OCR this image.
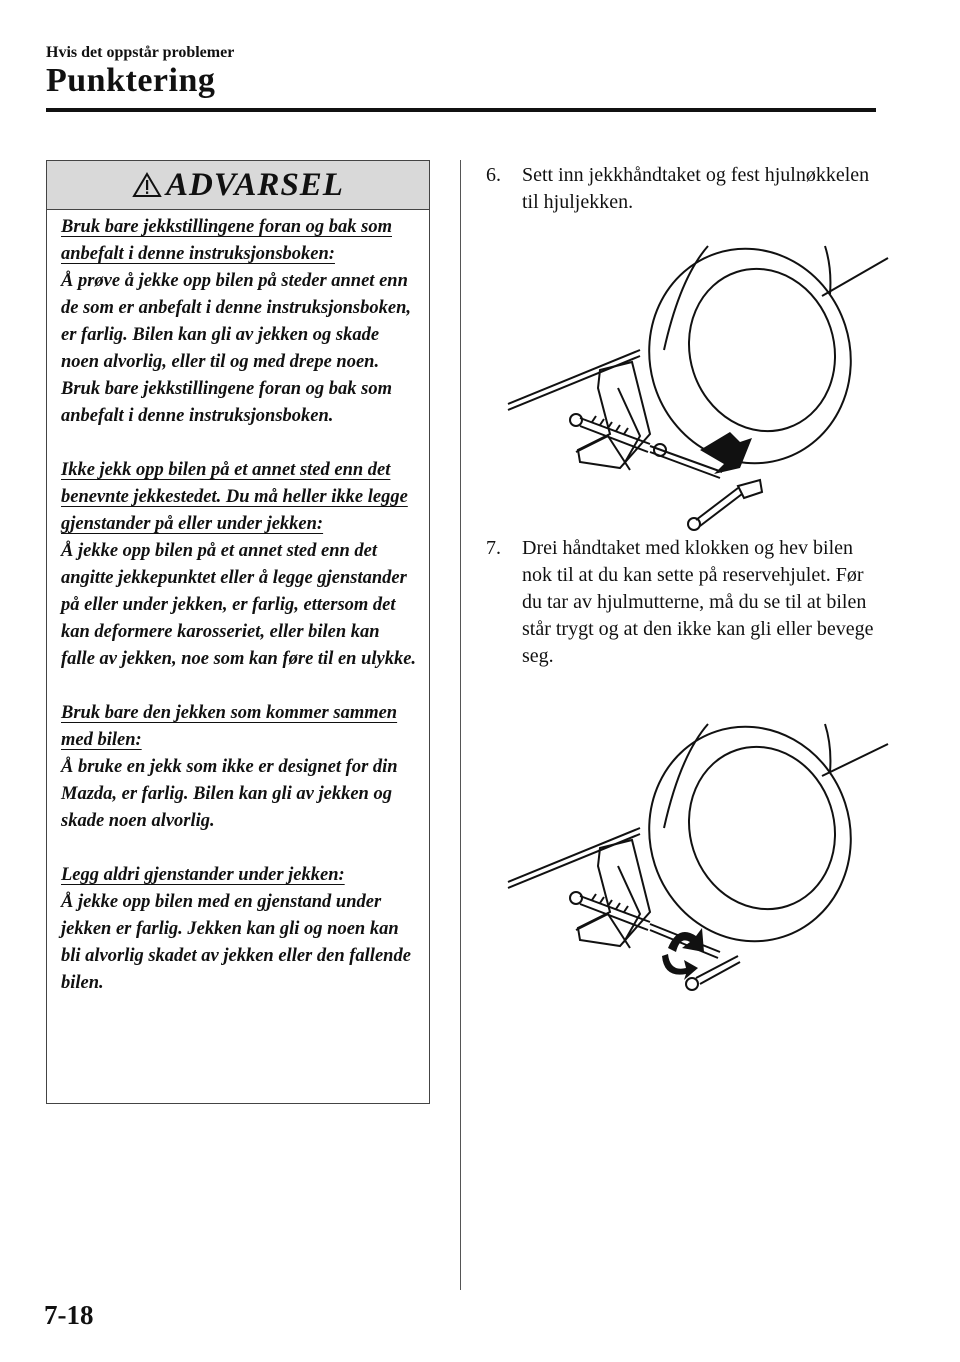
Hvis det oppstår problemer
Punktering
ADVARSEL

Bruk bare jekkstillingene foran og bak som anbefalt i denne instruksjonsboken:

Å prøve å jekke opp bilen på steder annet enn de som er anbefalt i denne instruksjonsboken, er farlig. Bilen kan gli av jekken og skade noen alvorlig, eller til og med drepe noen. Bruk bare jekkstillingene foran og bak som anbefalt i denne instruksjonsboken.

Ikke jekk opp bilen på et annet sted enn det benevnte jekkestedet. Du må heller ikke legge gjenstander på eller under jekken:

Å jekke opp bilen på et annet sted enn det angitte jekkepunktet eller å legge gjenstander på eller under jekken, er farlig, ettersom det kan deformere karosseriet, eller bilen kan falle av jekken, noe som kan føre til en ulykke.

Bruk bare den jekken som kommer sammen med bilen:

Å bruke en jekk som ikke er designet for din Mazda, er farlig. Bilen kan gli av jekken og skade noen alvorlig.

Legg aldri gjenstander under jekken:

Å jekke opp bilen med en gjenstand under jekken er farlig. Jekken kan gli og noen kan bli alvorlig skadet av jekken eller den fallende bilen.

6. Sett inn jekkhåndtaket og fest hjulnøkkelen til hjuljekken.
7. Drei håndtaket med klokken og hev bilen nok til at du kan sette på reservehjulet. Før du tar av hjulmutterne, må du se til at bilen står trygt og at den ikke kan gli eller bevege seg.
7-18
